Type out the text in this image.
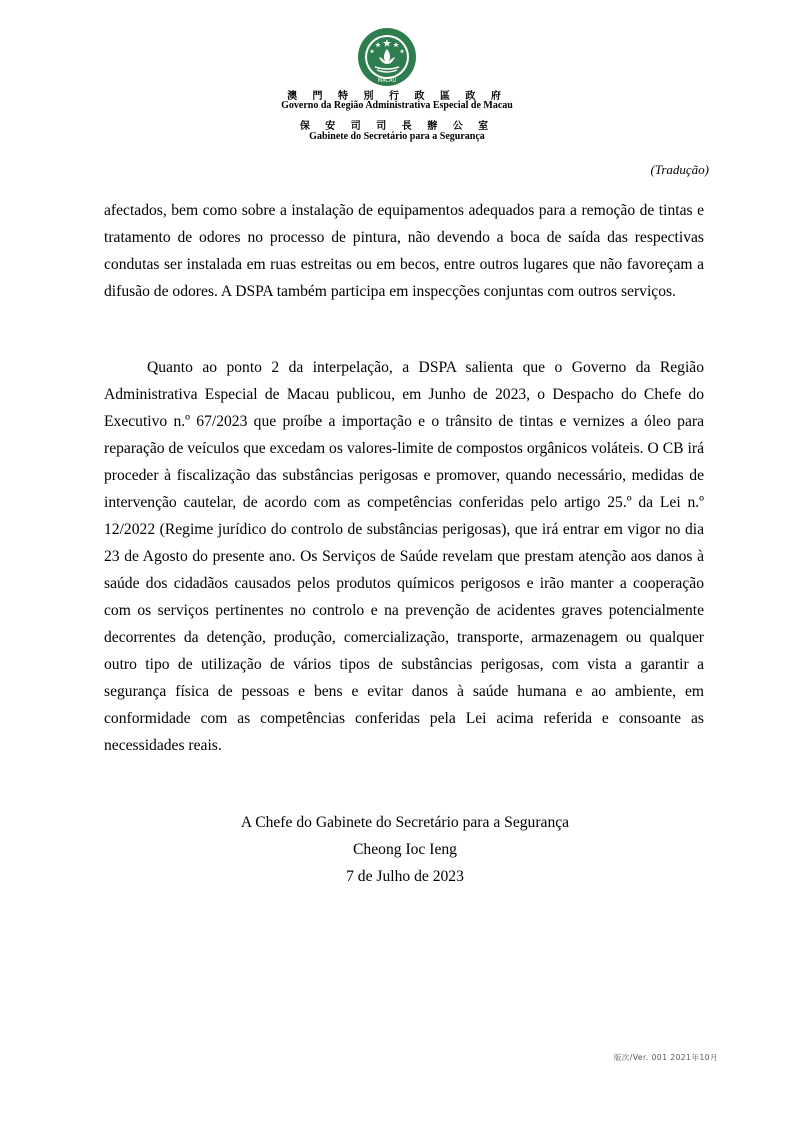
MACAU
澳 門 特 別 行 政 區 政 府
Governo da Região Administrativa Especial de Macau
保 安 司 司 長 辦 公 室
Gabinete do Secretário para a Segurança
(Tradução)
afectados, bem como sobre a instalação de equipamentos adequados para a remoção de tintas e tratamento de odores no processo de pintura, não devendo a boca de saída das respectivas condutas ser instalada em ruas estreitas ou em becos, entre outros lugares que não favoreçam a difusão de odores. A DSPA também participa em inspecções conjuntas com outros serviços.
Quanto ao ponto 2 da interpelação, a DSPA salienta que o Governo da Região Administrativa Especial de Macau publicou, em Junho de 2023, o Despacho do Chefe do Executivo n.º 67/2023 que proíbe a importação e o trânsito de tintas e vernizes a óleo para reparação de veículos que excedam os valores-limite de compostos orgânicos voláteis. O CB irá proceder à fiscalização das substâncias perigosas e promover, quando necessário, medidas de intervenção cautelar, de acordo com as competências conferidas pelo artigo 25.º da Lei n.º 12/2022 (Regime jurídico do controlo de substâncias perigosas), que irá entrar em vigor no dia 23 de Agosto do presente ano. Os Serviços de Saúde revelam que prestam atenção aos danos à saúde dos cidadãos causados pelos produtos químicos perigosos e irão manter a cooperação com os serviços pertinentes no controlo e na prevenção de acidentes graves potencialmente decorrentes da detenção, produção, comercialização, transporte, armazenagem ou qualquer outro tipo de utilização de vários tipos de substâncias perigosas, com vista a garantir a segurança física de pessoas e bens e evitar danos à saúde humana e ao ambiente, em conformidade com as competências conferidas pela Lei acima referida e consoante as necessidades reais.
A Chefe do Gabinete do Secretário para a Segurança
Cheong Ioc Ieng
7 de Julho de 2023
版次/Ver. 001 2021年10月
